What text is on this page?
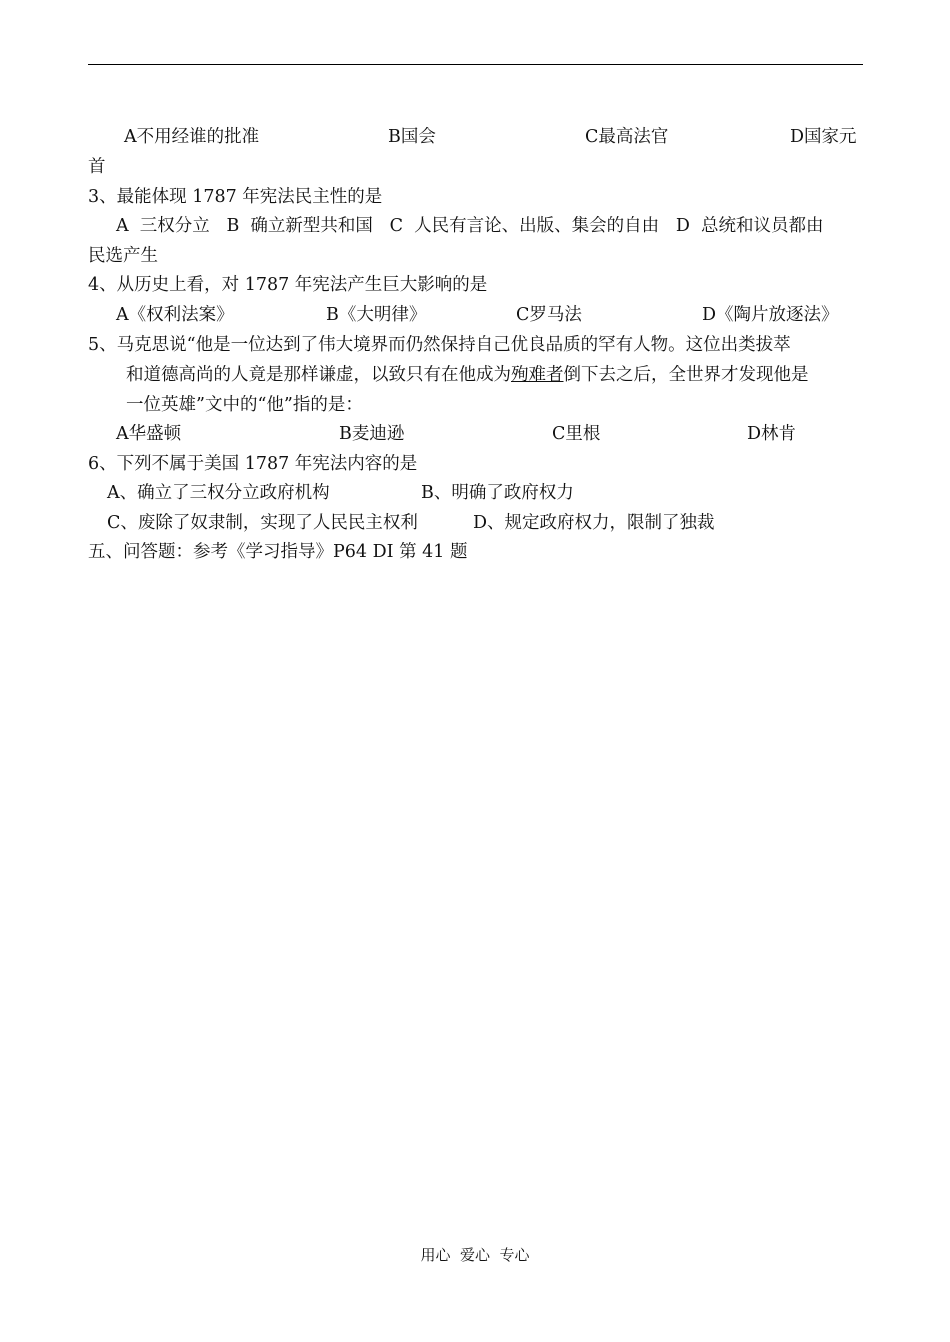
A不用经谁的批准	B国会	C最高法官	D国家元
首
3、最能体现 1787 年宪法民主性的是
A  三权分立   B  确立新型共和国   C  人民有言论、出版、集会的自由   D  总统和议员都由
民选产生
4、从历史上看，对 1787 年宪法产生巨大影响的是
A《权利法案》	B《大明律》	C罗马法	D《陶片放逐法》
5、马克思说“他是一位达到了伟大境界而仍然保持自己优良品质的罕有人物。这位出类拔萃
和道德高尚的人竟是那样谦虚，以致只有在他成为殉难者倒下去之后，全世界才发现他是
一位英雄”文中的“他”指的是：
A华盛顿	B麦迪逊	C里根	D林肯
6、下列不属于美国 1787 年宪法内容的是
A、确立了三权分立政府机构	B、明确了政府权力
C、废除了奴隶制，实现了人民民主权利	D、规定政府权力，限制了独裁
五、问答题：参考《学习指导》P64 DI 第 41 题
用心  爱心  专心
